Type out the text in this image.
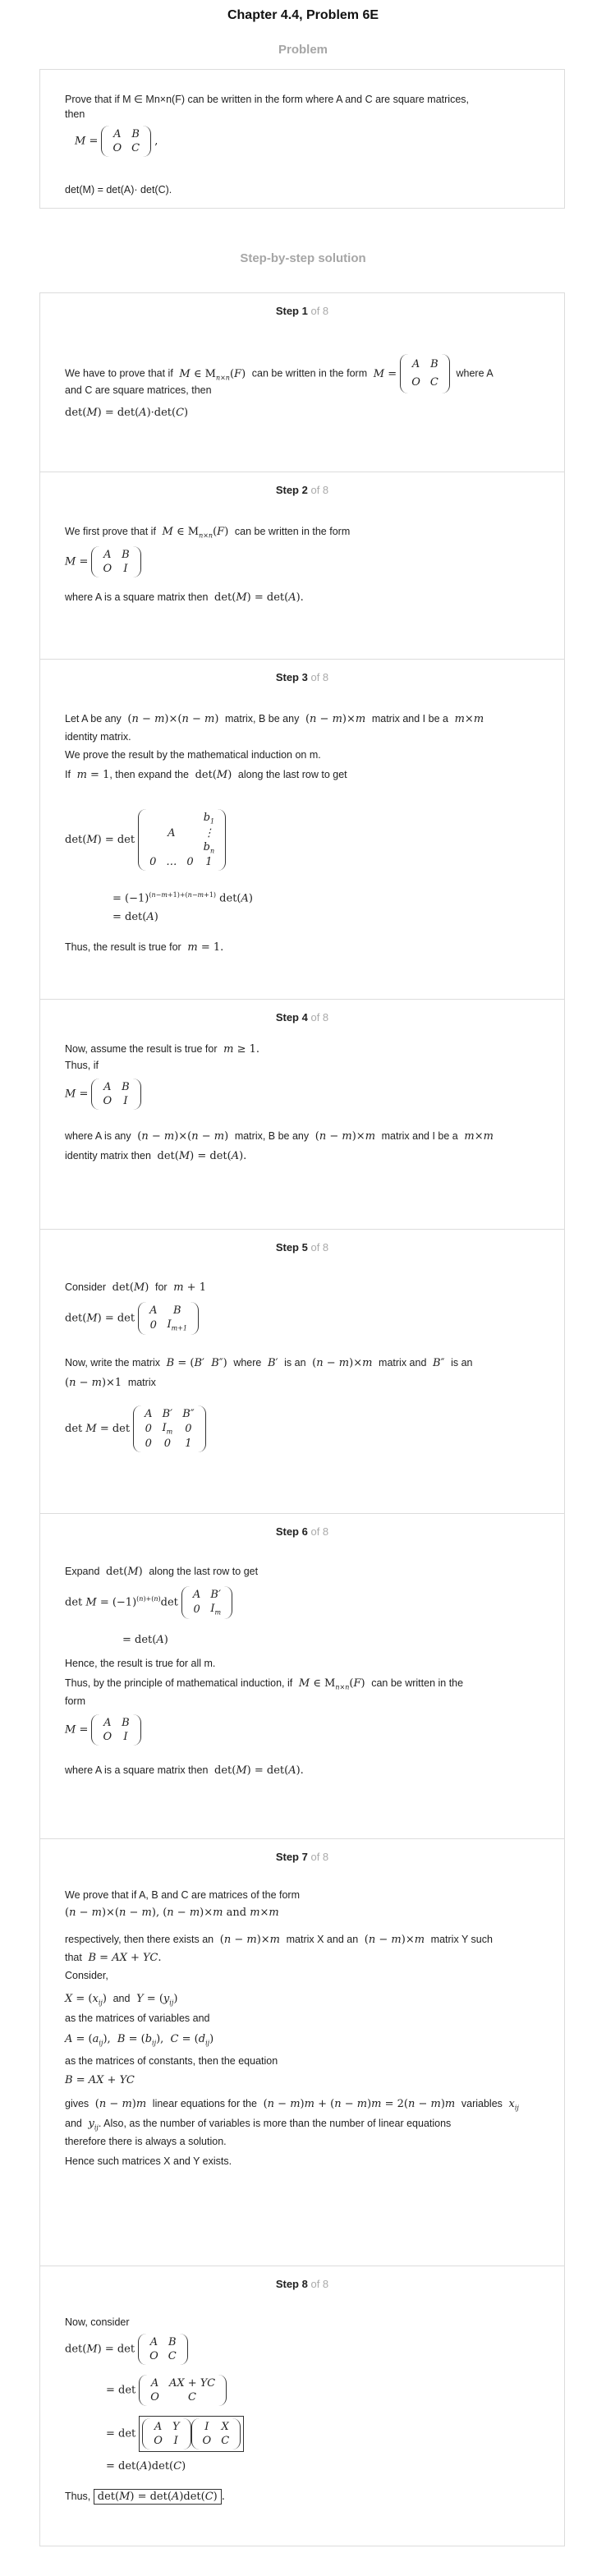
Chapter 4.4, Problem 6E
Problem
Prove that if M ∈ Mn×n(F) can be written in the form where A and C are square matrices,
then
M =
A	B
O	C
,
det(M) = det(A)· det(C).
Step-by-step solution
Step 1 of 8
We have to prove that if M ∈ $M_{n\times n}(F)$  can be written in the form M =
A	B
O	C
where A
and C are square matrices, then
det(M) = det(A)·det(C)
Step 2 of 8
We first prove that if M ∈ $M_{n\times n}(F)$  can be written in the form
M =
A	B
O	I
where A is a square matrix then  det(M) = det(A).
Step 3 of 8
Let A be any  (n − m)×(n − m)  matrix, B be any  (n − m)×m matrix and I be a m×m
identity matrix.
We prove the result by the mathematical induction on m.
If m = 1, then expand the  det(M)  along the last row to get
det(M) = det
			$b_1$
	A		⋮
			$b_n$
0	…	0	1
= $(-1)^{(n-m+1)+(n-m+1)}$ det(A)
= det(A)
Thus, the result is true for m = 1.
Step 4 of 8
Now, assume the result is true for m ≥ 1.
Thus, if
M =
A	B
O	I
where A is any  (n − m)×(n − m)  matrix, B be any  (n − m)×m matrix and I be a m×m
identity matrix then  det(M) = det(A).
Step 5 of 8
Consider  det(M)  for m + 1
det(M) = det
A	B
0	$I_{m+1}$
Now, write the matrix B = (B′  B″)  where B′  is an  (n − m)×m matrix and B″  is an
(n − m)×1  matrix
det M = det
A	B′	B″
0	$I_m$	0
0	0	1
Step 6 of 8
Expand  det(M)  along the last row to get
$\det M = (-1)^{(n)+(n)}\det$
A	B′
0	$I_m$
= det(A)
Hence, the result is true for all m.
Thus, by the principle of mathematical induction, if M ∈ $M_{n\times n}(F)$  can be written in the
form
M =
A	B
O	I
where A is a square matrix then  det(M) = det(A).
Step 7 of 8
We prove that if A, B and C are matrices of the form
(n − m)×(n − m), (n − m)×m and m×m
respectively, then there exists an  (n − m)×m matrix X and an  (n − m)×m matrix Y such
that B = AX + YC.
Consider,
$X = (x_{ij})$  and $Y = (y_{ij})$
as the matrices of variables and
$A = (a_{ij})$,  $B = (b_{ij})$,  $C = (d_{ij})$
as the matrices of constants, then the equation
B = AX + YC
gives  (n − m)m linear equations for the  (n − m)m + (n − m)m = 2(n − m)m variables $x_{ij}$
and $y_{ij}$. Also, as the number of variables is more than the number of linear equations
therefore there is always a solution.
Hence such matrices X and Y exists.
Step 8 of 8
Now, consider
det(M) = det
A	B
O	C
= det
A	AX + YC
O	C
= det
A	Y
O	I
I	X
O	C
= det(A)det(C)
Thus, det(M) = det(A)det(C) .
